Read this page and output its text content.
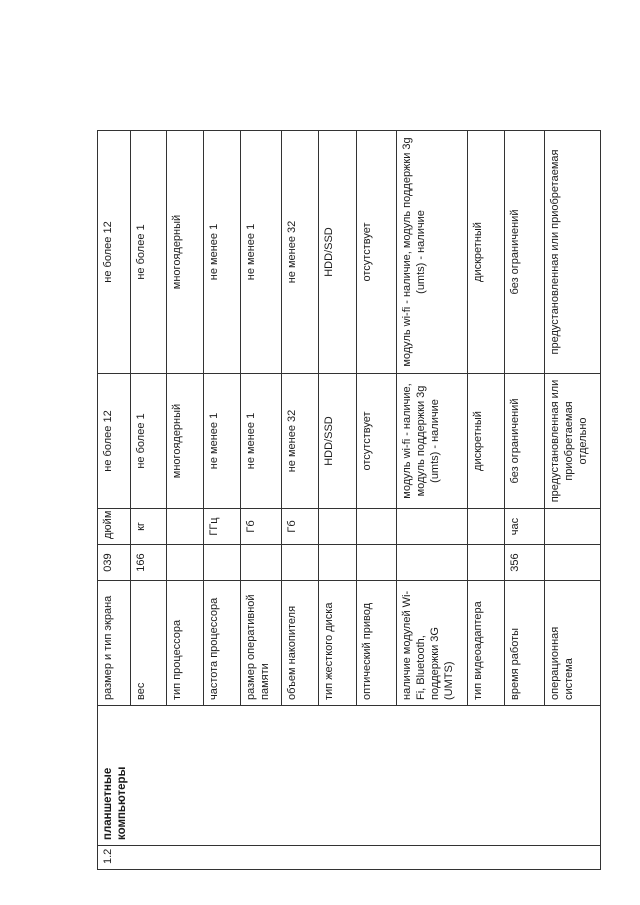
1.2	планшетные компьютеры	размер и тип экрана	039	дюйм	не более 12	не более 12
		вес	166	кг	не более 1	не более 1
		тип процессора			многоядерный	многоядерный
		частота процессора		ГГц	не менее 1	не менее 1
		размер оперативной памяти		Гб	не менее 1	не менее 1
		объем накопителя		Гб	не менее 32	не менее 32
		тип жесткого диска			HDD/SSD	HDD/SSD
		оптический привод			отсутствует	отсутствует
		наличие модулей Wi-Fi, Bluetooth, поддержки 3G (UMTS)			модуль wi-fi - наличие, модуль поддержки 3g (umts) - наличие	модуль wi-fi - наличие, модуль поддержки 3g (umts) - наличие
		тип видеоадаптера			дискретный	дискретный
		время работы	356	час	без ограничений	без ограничений
		операционная система			предустановленная или приобретаемая отдельно	предустановленная или приобретаемая
